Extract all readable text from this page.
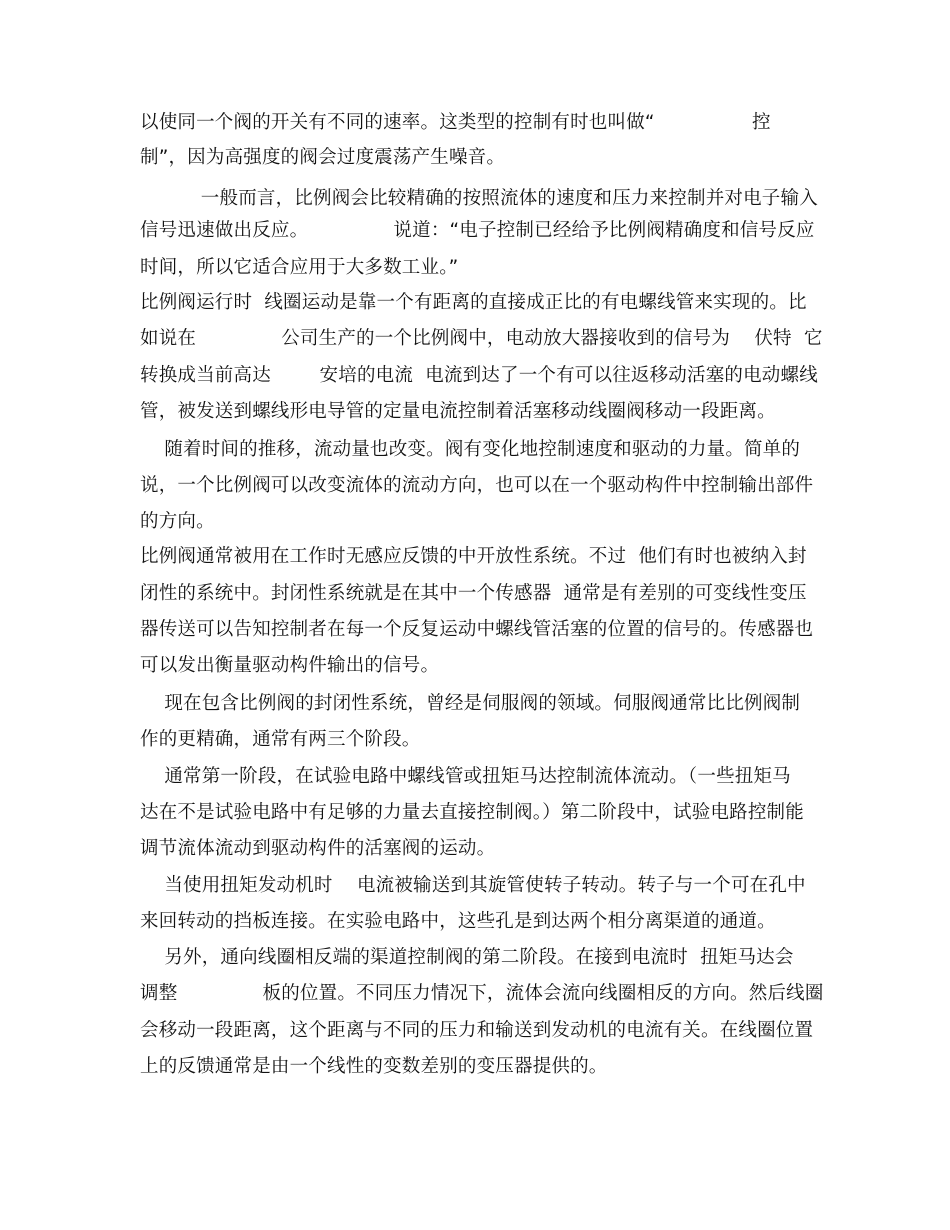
以使同一个阀的开关有不同的速率。这类型的控制有时也叫做“                控
制”，因为高强度的阀会过度震荡产生噪音。
一般而言，比例阀会比较精确的按照流体的速度和压力来控制并对电子输入
信号迅速做出反应。              说道：“电子控制已经给予比例阀精确度和信号反应
时间，所以它适合应用于大多数工业。”
比例阀运行时  线圈运动是靠一个有距离的直接成正比的有电螺线管来实现的。比
如说在              公司生产的一个比例阀中，电动放大器接收到的信号为    伏特  它
转换成当前高达        安培的电流  电流到达了一个有可以往返移动活塞的电动螺线
管，被发送到螺线形电导管的定量电流控制着活塞移动线圈阀移动一段距离。
随着时间的推移，流动量也改变。阀有变化地控制速度和驱动的力量。简单的
说，一个比例阀可以改变流体的流动方向，也可以在一个驱动构件中控制输出部件
的方向。
比例阀通常被用在工作时无感应反馈的中开放性系统。不过  他们有时也被纳入封
闭性的系统中。封闭性系统就是在其中一个传感器  通常是有差别的可变线性变压
器传送可以告知控制者在每一个反复运动中螺线管活塞的位置的信号的。传感器也
可以发出衡量驱动构件输出的信号。
现在包含比例阀的封闭性系统，曾经是伺服阀的领域。伺服阀通常比比例阀制
作的更精确，通常有两三个阶段。
通常第一阶段，在试验电路中螺线管或扭矩马达控制流体流动。（一些扭矩马
达在不是试验电路中有足够的力量去直接控制阀。）第二阶段中，试验电路控制能
调节流体流动到驱动构件的活塞阀的运动。
当使用扭矩发动机时    电流被输送到其旋管使转子转动。转子与一个可在孔中
来回转动的挡板连接。在实验电路中，这些孔是到达两个相分离渠道的通道。
另外，通向线圈相反端的渠道控制阀的第二阶段。在接到电流时  扭矩马达会
调整              板的位置。不同压力情况下，流体会流向线圈相反的方向。然后线圈
会移动一段距离，这个距离与不同的压力和输送到发动机的电流有关。在线圈位置
上的反馈通常是由一个线性的变数差别的变压器提供的。
